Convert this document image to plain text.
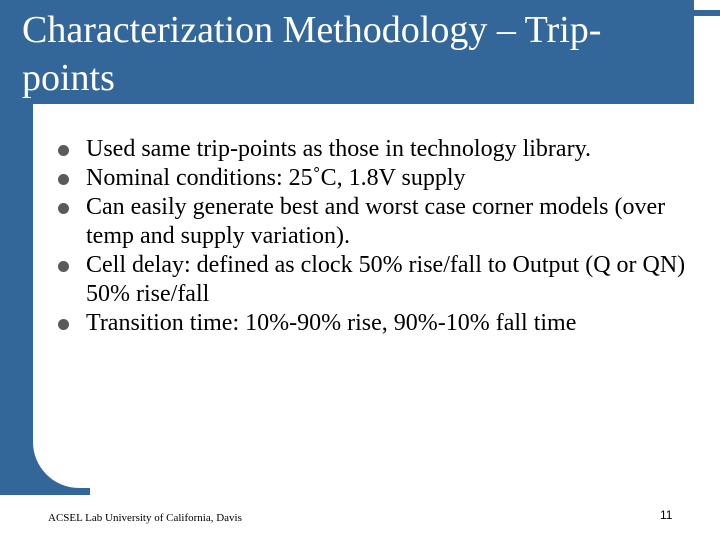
Characterization Methodology – Trip-points
Used same trip-points as those in technology library.
Nominal conditions: 25˚C, 1.8V supply
Can easily generate best and worst case corner models (over temp and supply variation).
Cell delay: defined as clock 50% rise/fall to Output (Q or QN) 50% rise/fall
Transition time: 10%-90% rise, 90%-10% fall time
ACSEL Lab University of California, Davis	11
